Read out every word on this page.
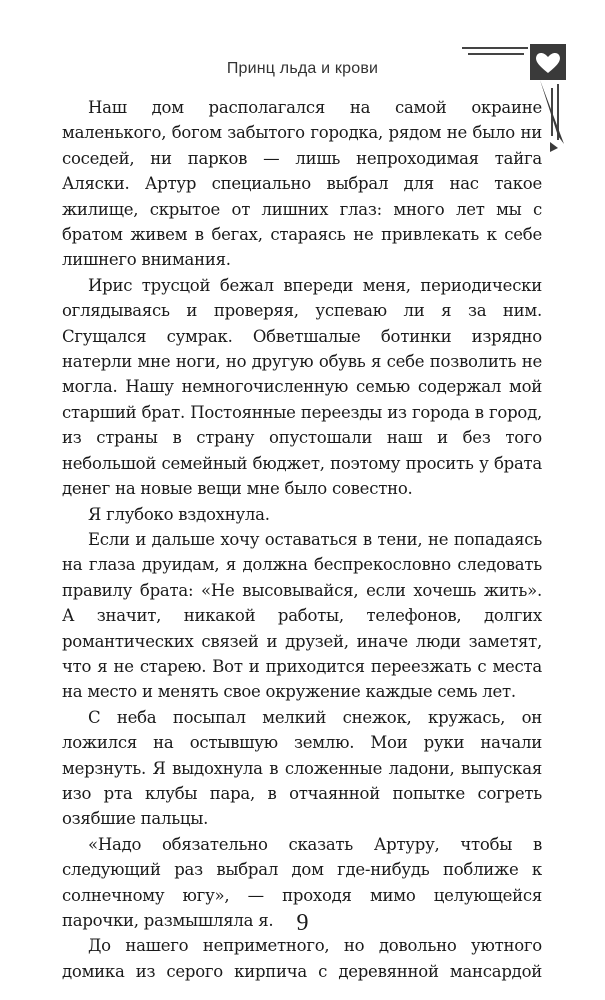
Принц льда и крови

Наш дом располагался на самой окраине маленького, богом забытого городка, рядом не было ни соседей, ни парков — лишь непроходимая тайга Аляски. Артур специально выбрал для нас такое жилище, скрытое от лишних глаз: много лет мы с братом живем в бегах, стараясь не привлекать к себе лишнего внимания.

Ирис трусцой бежал впереди меня, периодически оглядываясь и проверяя, успеваю ли я за ним. Сгущался сумрак. Обветшалые ботинки изрядно натерли мне ноги, но другую обувь я себе позволить не могла. Нашу немногочисленную семью содержал мой старший брат. Постоянные переезды из города в город, из страны в страну опустошали наш и без того небольшой семейный бюджет, поэтому просить у брата денег на новые вещи мне было совестно.

Я глубоко вздохнула.

Если и дальше хочу оставаться в тени, не попадаясь на глаза друидам, я должна беспрекословно следовать правилу брата: «Не высовывайся, если хочешь жить». А значит, никакой работы, телефонов, долгих романтических связей и друзей, иначе люди заметят, что я не старею. Вот и приходится переезжать с места на место и менять свое окружение каждые семь лет.

С неба посыпал мелкий снежок, кружась, он ложился на остывшую землю. Мои руки начали мерзнуть. Я выдохнула в сложенные ладони, выпуская изо рта клубы пара, в отчаянной попытке согреть озябшие пальцы.

«Надо обязательно сказать Артуру, чтобы в следующий раз выбрал дом где-нибудь поближе к солнечному югу», — проходя мимо целующейся парочки, размышляла я.

До нашего неприметного, но довольно уютного домика из серого кирпича с деревянной мансардой

9
